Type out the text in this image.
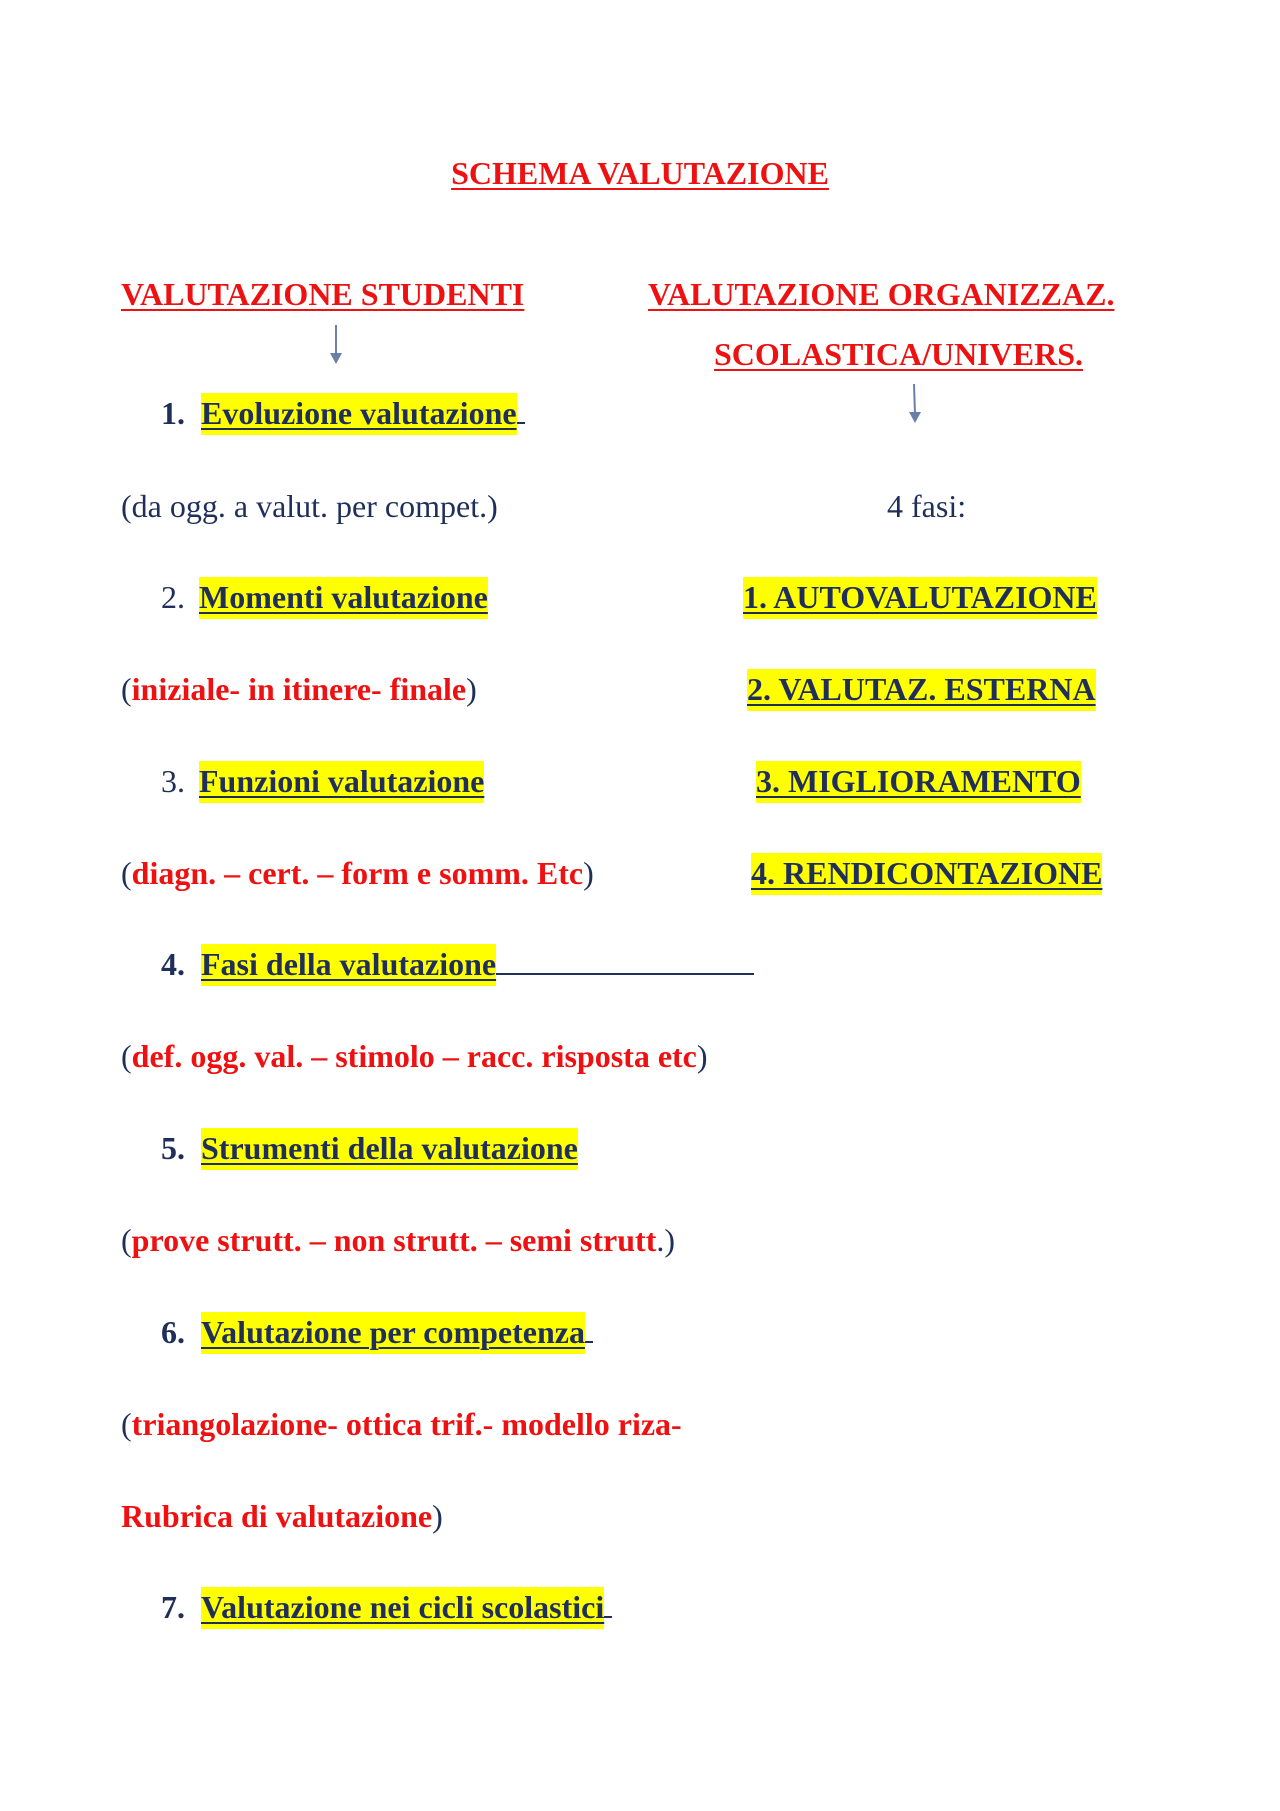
SCHEMA VALUTAZIONE
VALUTAZIONE STUDENTI	VALUTAZIONE ORGANIZZAZ.
SCOLASTICA/UNIVERS.
1. Evoluzione valutazione
(da ogg. a valut. per compet.)
2. Momenti valutazione
(iniziale- in itinere- finale)
3. Funzioni valutazione
(diagn. – cert. – form e somm. Etc)
4. Fasi della valutazione
(def. ogg. val. – stimolo – racc. risposta etc)
5. Strumenti della valutazione
(prove strutt. – non strutt. – semi strutt.)
6. Valutazione per competenza
(triangolazione- ottica trif.- modello riza-
Rubrica di valutazione)
7. Valutazione nei cicli scolastici
4 fasi:
1. AUTOVALUTAZIONE
2. VALUTAZ. ESTERNA
3. MIGLIORAMENTO
4. RENDICONTAZIONE
